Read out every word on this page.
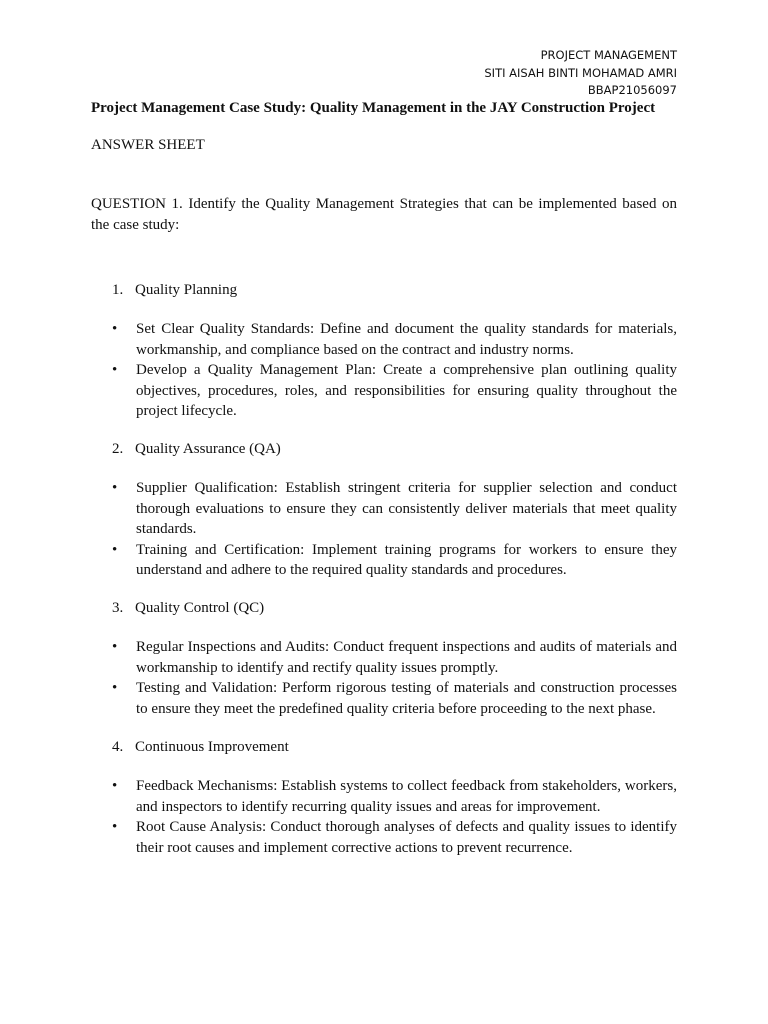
PROJECT MANAGEMENT
SITI AISAH BINTI MOHAMAD AMRI
BBAP21056097
Project Management Case Study: Quality Management in the JAY Construction Project
ANSWER SHEET
QUESTION 1. Identify the Quality Management Strategies that can be implemented based on the case study:
1. Quality Planning
• Set Clear Quality Standards: Define and document the quality standards for materials, workmanship, and compliance based on the contract and industry norms.
• Develop a Quality Management Plan: Create a comprehensive plan outlining quality objectives, procedures, roles, and responsibilities for ensuring quality throughout the project lifecycle.
2. Quality Assurance (QA)
• Supplier Qualification: Establish stringent criteria for supplier selection and conduct thorough evaluations to ensure they can consistently deliver materials that meet quality standards.
• Training and Certification: Implement training programs for workers to ensure they understand and adhere to the required quality standards and procedures.
3. Quality Control (QC)
• Regular Inspections and Audits: Conduct frequent inspections and audits of materials and workmanship to identify and rectify quality issues promptly.
• Testing and Validation: Perform rigorous testing of materials and construction processes to ensure they meet the predefined quality criteria before proceeding to the next phase.
4. Continuous Improvement
• Feedback Mechanisms: Establish systems to collect feedback from stakeholders, workers, and inspectors to identify recurring quality issues and areas for improvement.
• Root Cause Analysis: Conduct thorough analyses of defects and quality issues to identify their root causes and implement corrective actions to prevent recurrence.
